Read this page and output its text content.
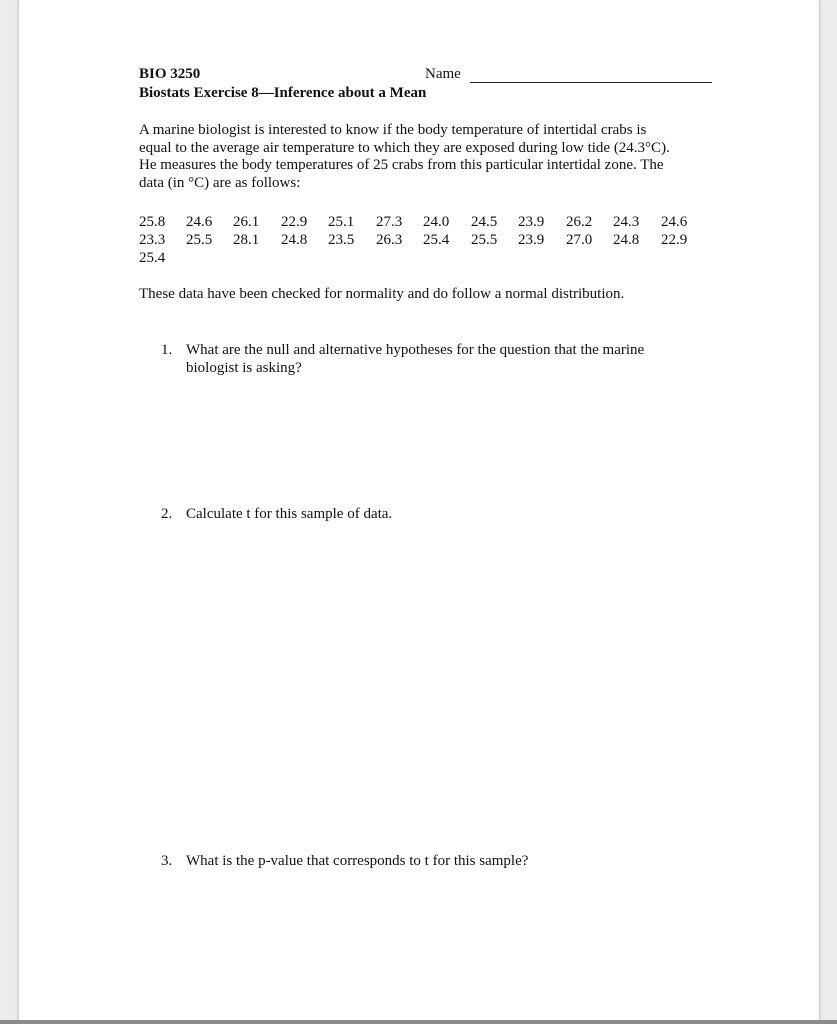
BIO 3250	Name
Biostats Exercise 8—Inference about a Mean
A marine biologist is interested to know if the body temperature of intertidal crabs is
equal to the average air temperature to which they are exposed during low tide (24.3°C).
He measures the body temperatures of 25 crabs from this particular intertidal zone. The
data (in °C) are as follows:
25.8 24.6 26.1 22.9 25.1 27.3 24.0 24.5 23.9 26.2 24.3 24.6
23.3 25.5 28.1 24.8 23.5 26.3 25.4 25.5 23.9 27.0 24.8 22.9
25.4
These data have been checked for normality and do follow a normal distribution.
1. What are the null and alternative hypotheses for the question that the marine
biologist is asking?
2. Calculate t for this sample of data.
3. What is the p-value that corresponds to t for this sample?
